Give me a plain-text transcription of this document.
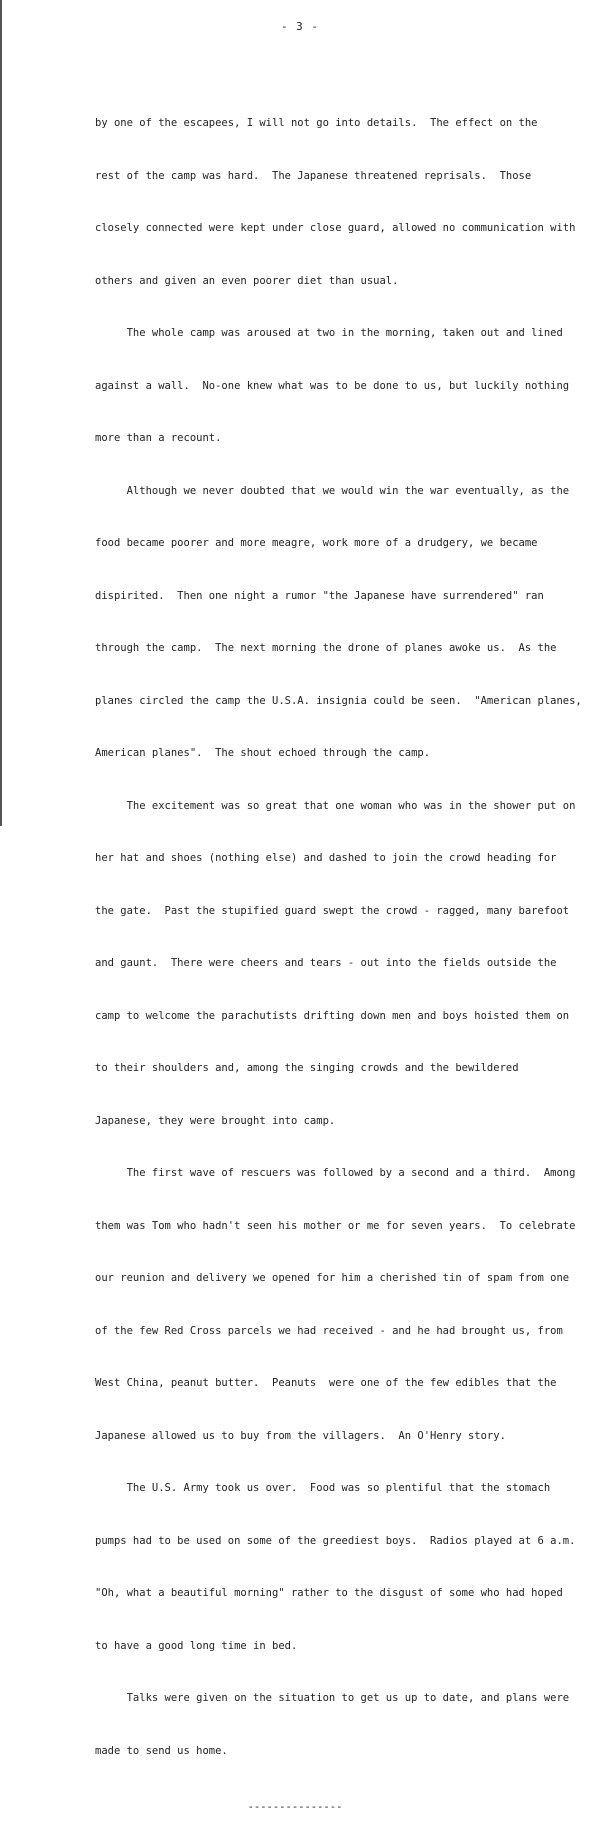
- 3 -

by one of the escapees, I will not go into details.  The effect on the

rest of the camp was hard.  The Japanese threatened reprisals.  Those

closely connected were kept under close guard, allowed no communication with

others and given an even poorer diet than usual.

The whole camp was aroused at two in the morning, taken out and lined

against a wall.  No-one knew what was to be done to us, but luckily nothing

more than a recount.

Although we never doubted that we would win the war eventually, as the

food became poorer and more meagre, work more of a drudgery, we became

dispirited.  Then one night a rumor "the Japanese have surrendered" ran

through the camp.  The next morning the drone of planes awoke us.  As the

planes circled the camp the U.S.A. insignia could be seen.  "American planes,

American planes".  The shout echoed through the camp.

The excitement was so great that one woman who was in the shower put on

her hat and shoes (nothing else) and dashed to join the crowd heading for

the gate.  Past the stupified guard swept the crowd - ragged, many barefoot

and gaunt.  There were cheers and tears - out into the fields outside the

camp to welcome the parachutists drifting down men and boys hoisted them on

to their shoulders and, among the singing crowds and the bewildered

Japanese, they were brought into camp.

The first wave of rescuers was followed by a second and a third.  Among

them was Tom who hadn't seen his mother or me for seven years.  To celebrate

our reunion and delivery we opened for him a cherished tin of spam from one

of the few Red Cross parcels we had received - and he had brought us, from

West China, peanut butter.  Peanuts  were one of the few edibles that the

Japanese allowed us to buy from the villagers.  An O'Henry story.

The U.S. Army took us over.  Food was so plentiful that the stomach

pumps had to be used on some of the greediest boys.  Radios played at 6 a.m.

"Oh, what a beautiful morning" rather to the disgust of some who had hoped

to have a good long time in bed.

Talks were given on the situation to get us up to date, and plans were

made to send us home.

---------------
